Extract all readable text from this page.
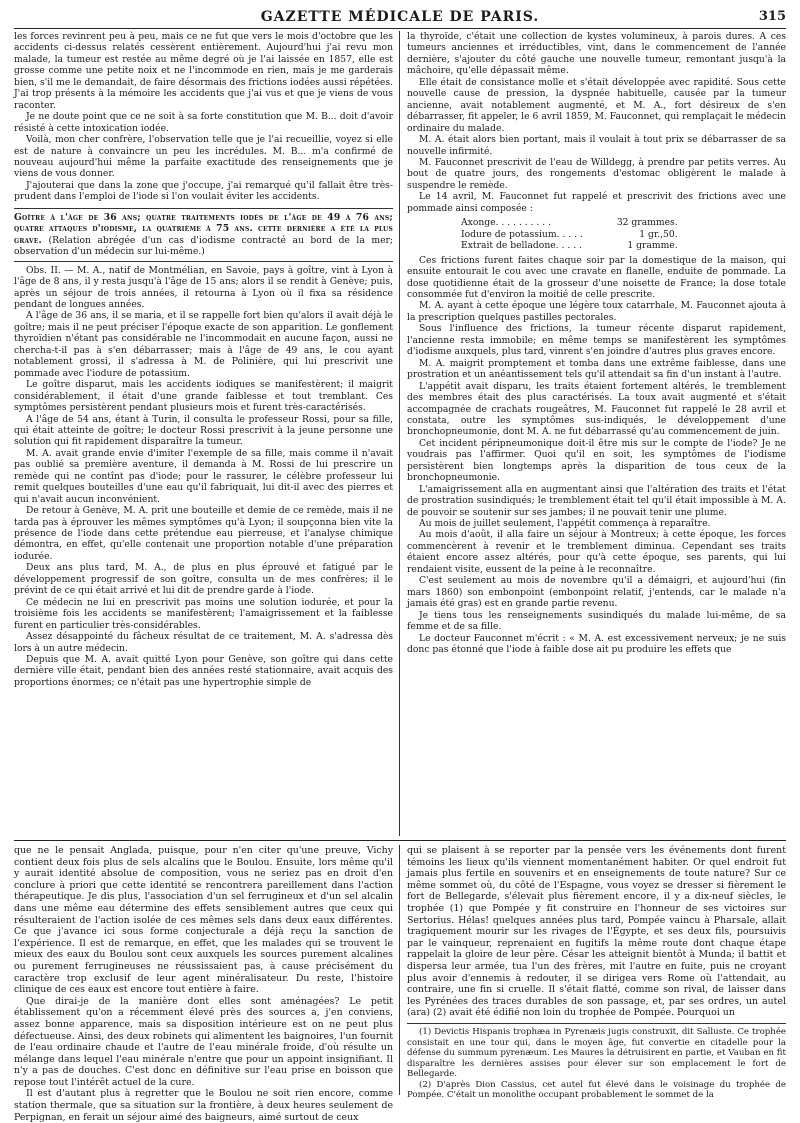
GAZETTE MÉDICALE DE PARIS.	315

les forces revinrent peu à peu, mais ce ne fut que vers le mois d'octobre que les accidents ci-dessus relatés cessèrent entièrement. Aujourd'hui j'ai revu mon malade, la tumeur est restée au même degré où je l'ai laissée en 1857, elle est grosse comme une petite noix et ne l'incommode en rien, mais je me garderais bien, s'il me le demandait, de faire désormais des frictions iodées aussi répétées. J'ai trop présents à la mémoire les accidents que j'ai vus et que je viens de vous raconter.

Je ne doute point que ce ne soit à sa forte constitution que M. B... doit d'avoir résisté à cette intoxication iodée.

Voilà, mon cher confrère, l'observation telle que je l'ai recueillie, voyez si elle est de nature à convaincre un peu les incrédules. M. B... m'a confirmé de nouveau aujourd'hui même la parfaite exactitude des renseignements que je viens de vous donner.

J'ajouterai que dans la zone que j'occupe, j'ai remarqué qu'il fallait être très-prudent dans l'emploi de l'iode si l'on voulait éviter les accidents.

Goître à l'âge de 36 ans; quatre traitements iodés de l'âge de 49 à 76 ans; quatre attaques d'iodisme, la quatrième à 75 ans. cette dernière a été la plus grave. (Relation abrégée d'un cas d'iodisme contracté au bord de la mer; observation d'un médecin sur lui-même.)

Obs. II. — M. A., natif de Montmélian, en Savoie, pays à goître, vint à Lyon à l'âge de 8 ans, il y resta jusqu'à l'âge de 15 ans; alors il se rendit à Genève; puis, après un séjour de trois années, il retourna à Lyon où il fixa sa résidence pendant de longues années.

A l'âge de 36 ans, il se maria, et il se rappelle fort bien qu'alors il avait déjà le goître; mais il ne peut préciser l'époque exacte de son apparition. Le gonflement thyroïdien n'étant pas considérable ne l'incommodait en aucune façon, aussi ne chercha-t-il pas à s'en débarrasser; mais à l'âge de 49 ans, le cou ayant notablement grossi, il s'adressa à M. de Polinière, qui lui prescrivit une pommade avec l'iodure de potassium.

Le goître disparut, mais les accidents iodiques se manifestèrent; il maigrit considérablement, il était d'une grande faiblesse et tout tremblant. Ces symptômes persistèrent pendant plusieurs mois et furent très-caractérisés.

A l'âge de 54 ans, étant à Turin, il consulta le professeur Rossi, pour sa fille, qui était atteinte de goître; le docteur Rossi prescrivit à la jeune personne une solution qui fit rapidement disparaître la tumeur.

M. A. avait grande envie d'imiter l'exemple de sa fille, mais comme il n'avait pas oublié sa première aventure, il demanda à M. Rossi de lui prescrire un remède qui ne contînt pas d'iode; pour le rassurer, le célèbre professeur lui remit quelques bouteilles d'une eau qu'il fabriquait, lui dit-il avec des pierres et qui n'avait aucun inconvénient.

De retour à Genève, M. A. prit une bouteille et demie de ce remède, mais il ne tarda pas à éprouver les mêmes symptômes qu'à Lyon; il soupçonna bien vite la présence de l'iode dans cette prétendue eau pierreuse, et l'analyse chimique démontra, en effet, qu'elle contenait une proportion notable d'une préparation iodurée.

Deux ans plus tard, M. A., de plus en plus éprouvé et fatigué par le développement progressif de son goître, consulta un de mes confrères; il le prévint de ce qui était arrivé et lui dit de prendre garde à l'iode.

Ce médecin ne lui en prescrivit pas moins une solution iodurée, et pour la troisième fois les accidents se manifestèrent; l'amaigrissement et la faiblesse furent en particulier très-considérables.

Assez désappointé du fâcheux résultat de ce traitement, M. A. s'adressa dès lors à un autre médecin.

Depuis que M. A. avait quitté Lyon pour Genève, son goître qui dans cette dernière ville était, pendant bien des années resté stationnaire, avait acquis des proportions énormes; ce n'était pas une hypertrophie simple de

la thyroïde, c'était une collection de kystes volumineux, à parois dures. A ces tumeurs anciennes et irréductibles, vint, dans le commencement de l'année dernière, s'ajouter du côté gauche une nouvelle tumeur, remontant jusqu'à la mâchoire, qu'elle dépassait même.

Elle était de consistance molle et s'était développée avec rapidité. Sous cette nouvelle cause de pression, la dyspnée habituelle, causée par la tumeur ancienne, avait notablement augmenté, et M. A., fort désireux de s'en débarrasser, fit appeler, le 6 avril 1859, M. Fauconnet, qui remplaçait le médecin ordinaire du malade.

M. A. était alors bien portant, mais il voulait à tout prix se débarrasser de sa nouvelle infirmité.

M. Fauconnet prescrivit de l'eau de Willdegg, à prendre par petits verres. Au bout de quatre jours, des rongements d'estomac obligèrent le malade à suspendre le remède.

Le 14 avril, M. Fauconnet fut rappelé et prescrivit des frictions avec une pommade ainsi composée :

Axonge. . . . . . . . . .	32 grammes.
Iodure de potassium. . . . .	1 gr.,50.
Extrait de belladone. . . . .	1 gramme.

Ces frictions furent faites chaque soir par la domestique de la maison, qui ensuite entourait le cou avec une cravate en flanelle, enduite de pommade. La dose quotidienne était de la grosseur d'une noisette de France; la dose totale consommée fut d'environ la moitié de celle prescrite.

M. A. ayant à cette époque une légère toux catarrhale, M. Fauconnet ajouta à la prescription quelques pastilles pectorales.

Sous l'influence des frictions, la tumeur récente disparut rapidement, l'ancienne resta immobile; en même temps se manifestèrent les symptômes d'iodisme auxquels, plus tard, vinrent s'en joindre d'autres plus graves encore.

M. A. maigrit promptement et tomba dans une extrême faiblesse, dans une prostration et un anéantissement tels qu'il attendait sa fin d'un instant à l'autre.

L'appétit avait disparu, les traits étaient fortement altérés, le tremblement des membres était des plus caractérisés. La toux avait augmenté et s'était accompagnée de crachats rougeâtres, M. Fauconnet fut rappelé le 28 avril et constata, outre les symptômes sus-indiqués, le développement d'une bronchopneumonie, dont M. A. ne fut débarrassé qu'au commencement de juin.

Cet incident péripneumonique doit-il être mis sur le compte de l'iode? Je ne voudrais pas l'affirmer. Quoi qu'il en soit, les symptômes de l'iodisme persistèrent bien longtemps après la disparition de tous ceux de la bronchopneumonie.

L'amaigrissement alla en augmentant ainsi que l'altération des traits et l'état de prostration susindiqués; le tremblement était tel qu'il était impossible à M. A. de pouvoir se soutenir sur ses jambes; il ne pouvait tenir une plume.

Au mois de juillet seulement, l'appétit commença à reparaître.

Au mois d'août, il alla faire un séjour à Montreux; à cette époque, les forces commencèrent à revenir et le tremblement diminua. Cependant ses traits étaient encore assez altérés, pour qu'à cette époque, ses parents, qui lui rendaient visite, eussent de la peine à le reconnaître.

C'est seulement au mois de novembre qu'il a démaigri, et aujourd'hui (fin mars 1860) son embonpoint (embonpoint relatif, j'entends, car le malade n'a jamais été gras) est en grande partie revenu.

Je tiens tous les renseignements susindiqués du malade lui-même, de sa femme et de sa fille.

Le docteur Fauconnet m'écrit : « M. A. est excessivement nerveux; je ne suis donc pas étonné que l'iode à faible dose ait pu produire les effets que

que ne le pensait Anglada, puisque, pour n'en citer qu'une preuve, Vichy contient deux fois plus de sels alcalins que le Boulou. Ensuite, lors même qu'il y aurait identité absolue de composition, vous ne seriez pas en droit d'en conclure à priori que cette identité se rencontrera pareillement dans l'action thérapeutique. Je dis plus, l'association d'un sel ferrugineux et d'un sel alcalin dans une même eau détermine des effets sensiblement autres que ceux qui résulteraient de l'action isolée de ces mêmes sels dans deux eaux différentes. Ce que j'avance ici sous forme conjecturale a déjà reçu la sanction de l'expérience. Il est de remarque, en effet, que les malades qui se trouvent le mieux des eaux du Boulou sont ceux auxquels les sources purement alcalines ou purement ferrugineuses ne réussissaient pas, à cause précisément du caractère trop exclusif de leur agent minéralisateur. Du reste, l'histoire clinique de ces eaux est encore tout entière à faire.

Que dirai-je de la manière dont elles sont aménagées? Le petit établissement qu'on a récemment élevé près des sources a, j'en conviens, assez bonne apparence, mais sa disposition intérieure est on ne peut plus défectueuse. Ainsi, des deux robinets qui alimentent les baignoires, l'un fournit de l'eau ordinaire chaude et l'autre de l'eau minérale froide, d'où résulte un mélange dans lequel l'eau minérale n'entre que pour un appoint insignifiant. Il n'y a pas de douches. C'est donc en définitive sur l'eau prise en boisson que repose tout l'intérêt actuel de la cure.

Il est d'autant plus à regretter que le Boulou ne soit rien encore, comme station thermale, que sa situation sur la frontière, à deux heures seulement de Perpignan, en ferait un séjour aimé des baigneurs, aimé surtout de ceux

qui se plaisent à se reporter par la pensée vers les événements dont furent témoins les lieux qu'ils viennent momentanément habiter. Or quel endroit fut jamais plus fertile en souvenirs et en enseignements de toute nature? Sur ce même sommet où, du côté de l'Espagne, vous voyez se dresser si fièrement le fort de Bellegarde, s'élevait plus fièrement encore, il y a dix-neuf siècles, le trophée (1) que Pompée y fit construire en l'honneur de ses victoires sur Sertorius. Hélas! quelques années plus tard, Pompée vaincu à Pharsale, allait tragiquement mourir sur les rivages de l'Égypte, et ses deux fils, poursuivis par le vainqueur, reprenaient en fugitifs la même route dont chaque étape rappelait la gloire de leur père. César les atteignit bientôt à Munda; il battit et dispersa leur armée, tua l'un des frères, mit l'autre en fuite, puis ne croyant plus avoir d'ennemis à redouter, il se dirigea vers Rome où l'attendait, au contraire, une fin si cruelle. Il s'était flatté, comme son rival, de laisser dans les Pyrénées des traces durables de son passage, et, par ses ordres, un autel (ara) (2) avait été édifié non loin du trophée de Pompée. Pourquoi un

(1) Devictis Hispanis trophæa in Pyrenæis jugis construxit, dit Salluste. Ce trophée consistait en une tour qui, dans le moyen âge, fut convertie en citadelle pour la défense du summum pyrenæum. Les Maures la détruisirent en partie, et Vauban en fit disparaître les dernières assises pour élever sur son emplacement le fort de Bellegarde.

(2) D'après Dion Cassius, cet autel fut élevé dans le voisinage du trophée de Pompée. C'était un monolithe occupant probablement le sommet de la
